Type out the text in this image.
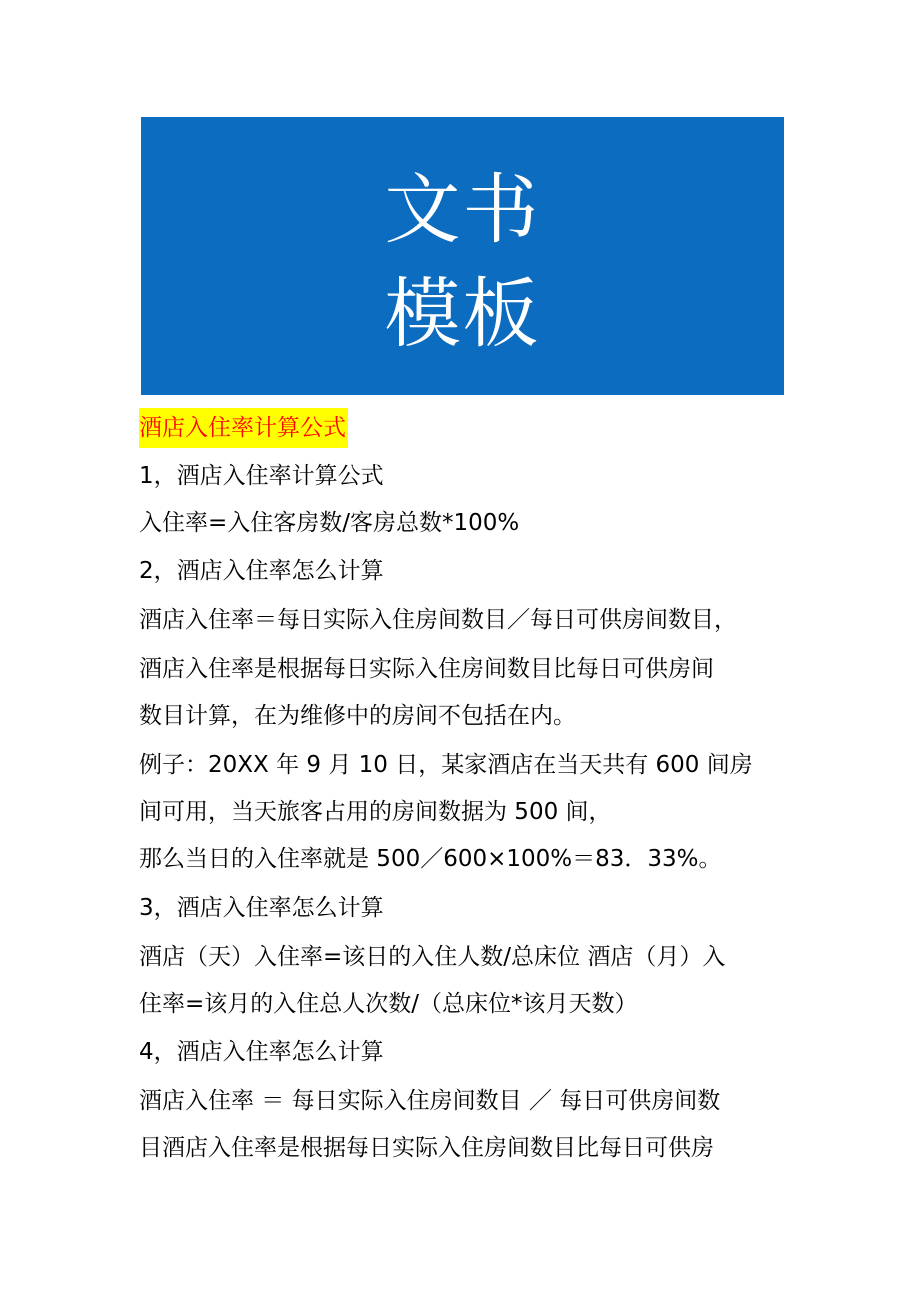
文书
模板
酒店入住率计算公式
1，酒店入住率计算公式
入住率=入住客房数/客房总数*100%
2，酒店入住率怎么计算
酒店入住率＝每日实际入住房间数目／每日可供房间数目，
酒店入住率是根据每日实际入住房间数目比每日可供房间
数目计算，在为维修中的房间不包括在内。
例子：20XX 年 9 月 10 日，某家酒店在当天共有 600 间房
间可用，当天旅客占用的房间数据为 500 间，
那么当日的入住率就是 500／600×100%＝83．33%。
3，酒店入住率怎么计算
酒店（天）入住率=该日的入住人数/总床位 酒店（月）入
住率=该月的入住总人次数/（总床位*该月天数）
4，酒店入住率怎么计算
酒店入住率 ＝ 每日实际入住房间数目 ／ 每日可供房间数
目酒店入住率是根据每日实际入住房间数目比每日可供房
